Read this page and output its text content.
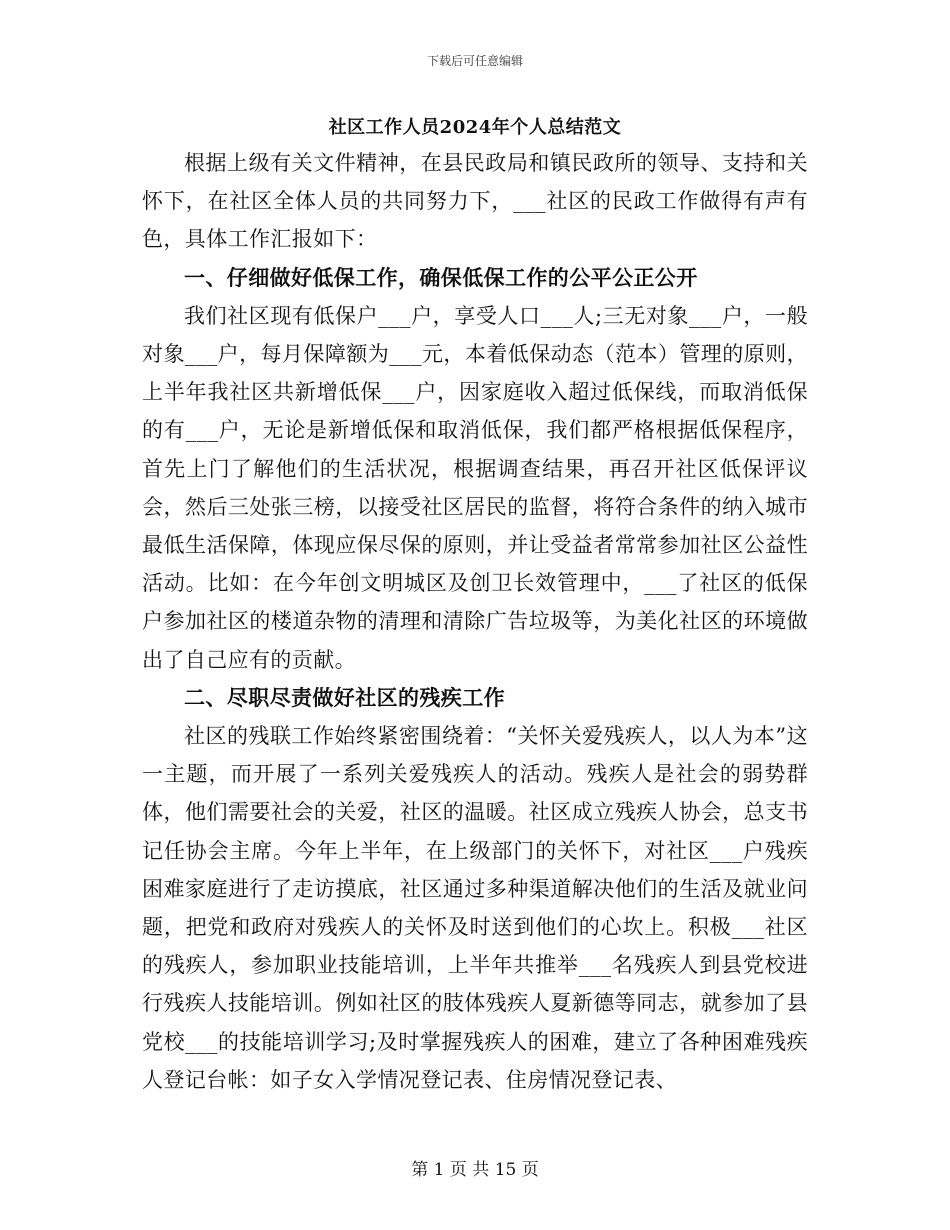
下载后可任意编辑
社区工作人员2024年个人总结范文

根据上级有关文件精神，在县民政局和镇民政所的领导、支持和关怀下，在社区全体人员的共同努力下，___社区的民政工作做得有声有色，具体工作汇报如下：

一、仔细做好低保工作，确保低保工作的公平公正公开

我们社区现有低保户___户，享受人口___人;三无对象___户，一般对象___户，每月保障额为___元，本着低保动态（范本）管理的原则，上半年我社区共新增低保___户，因家庭收入超过低保线，而取消低保的有___户，无论是新增低保和取消低保，我们都严格根据低保程序，首先上门了解他们的生活状况，根据调查结果，再召开社区低保评议会，然后三处张三榜，以接受社区居民的监督，将符合条件的纳入城市最低生活保障，体现应保尽保的原则，并让受益者常常参加社区公益性活动。比如：在今年创文明城区及创卫长效管理中，___了社区的低保户参加社区的楼道杂物的清理和清除广告垃圾等，为美化社区的环境做出了自己应有的贡献。

二、尽职尽责做好社区的残疾工作

社区的残联工作始终紧密围绕着：“关怀关爱残疾人，以人为本”这一主题，而开展了一系列关爱残疾人的活动。残疾人是社会的弱势群体，他们需要社会的关爱，社区的温暖。社区成立残疾人协会，总支书记任协会主席。今年上半年，在上级部门的关怀下，对社区___户残疾困难家庭进行了走访摸底，社区通过多种渠道解决他们的生活及就业问题，把党和政府对残疾人的关怀及时送到他们的心坎上。积极___社区的残疾人，参加职业技能培训，上半年共推举___名残疾人到县党校进行残疾人技能培训。例如社区的肢体残疾人夏新德等同志，就参加了县党校___的技能培训学习;及时掌握残疾人的困难，建立了各种困难残疾人登记台帐：如子女入学情况登记表、住房情况登记表、

第 1 页 共 15 页
